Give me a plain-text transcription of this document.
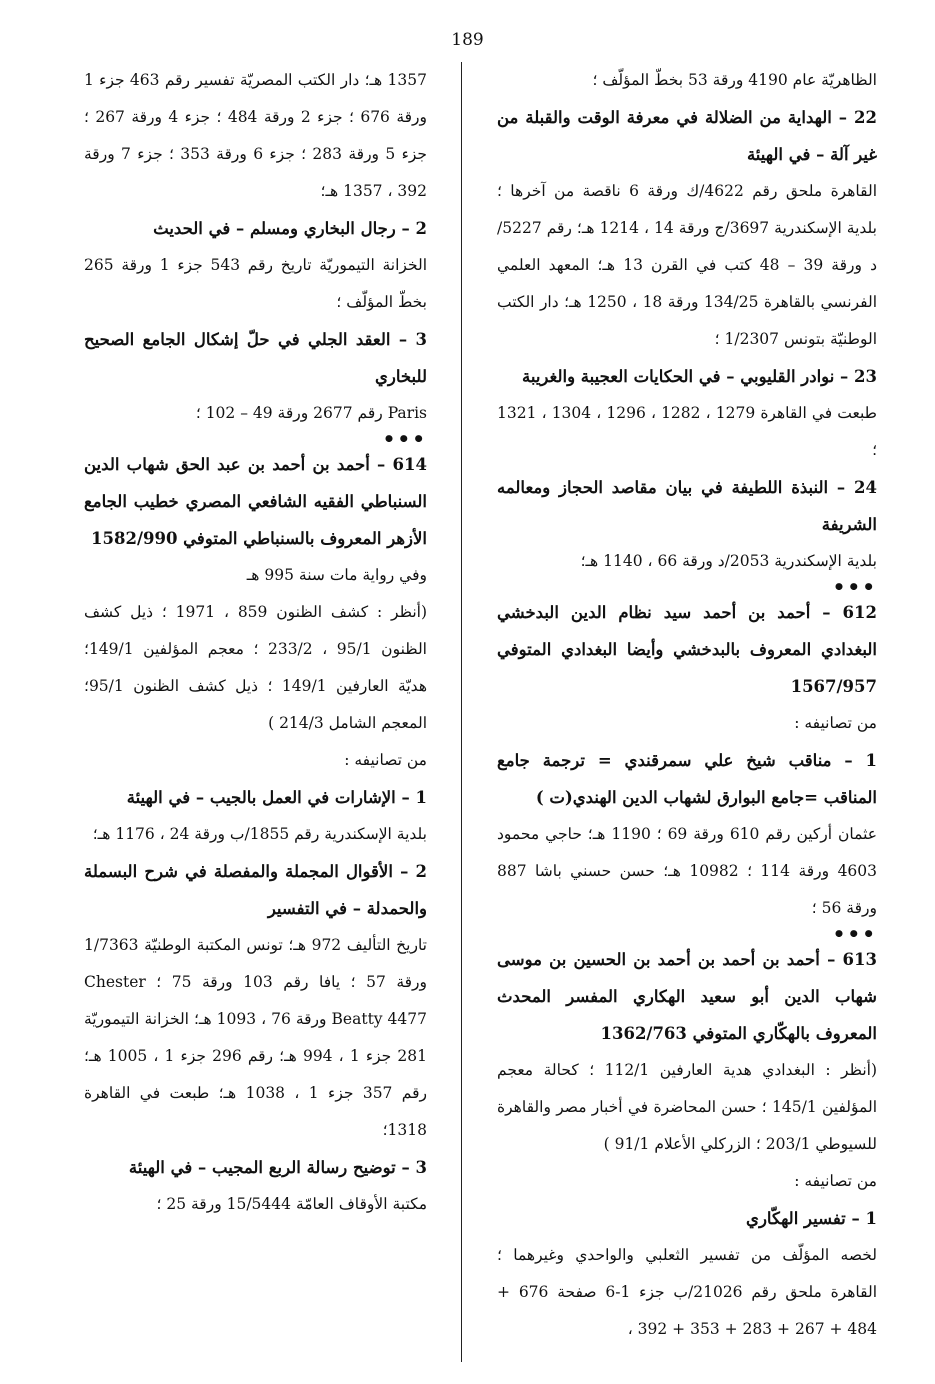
189

الظاهريّة عام 4190 ورقة 53 بخطّ المؤلّف ؛

22 – الهداية من الضلالة في معرفة الوقت والقبلة من غير آلة – في الهيئة

القاهرة ملحق رقم 4622/ك ورقة 6 ناقصة من آخرها ؛ بلدية الإسكندرية 3697/ج ورقة 14 ، 1214 هـ؛ رقم 5227/د ورقة 39 – 48 كتب في القرن 13 هـ؛ المعهد العلمي الفرنسي بالقاهرة 134/25 ورقة 18 ، 1250 هـ؛ دار الكتب الوطنيّة بتونس 1/2307 ؛

23 – نوادر القليوبي – في الحكايات العجيبة والغريبة

طبعت في القاهرة 1279 ، 1282 ، 1296 ، 1304 ، 1321 ؛

24 – النبذة اللطيفة في بيان مقاصد الحجاز ومعالمه الشريفة

بلدية الإسكندرية 2053/د ورقة 66 ، 1140 هـ؛

•••

612 – أحمد بن أحمد سيد نظام الدين البدخشي البغدادي المعروف بالبدخشي وأيضا البغدادي المتوفي 1567/957

من تصانيفه :

1 – مناقب شيخ علي سمرقندي = ترجمة جامع المناقب =جامع البوارق لشهاب الدين الهندي(ت )

عثمان أركين رقم 610 ورقة 69 ؛ 1190 هـ؛ حاجي محمود 4603 ورقة 114 ؛ 10982 هـ؛ حسن حسني باشا 887 ورقة 56 ؛

•••

613 – أحمد بن أحمد بن أحمد بن الحسين بن موسى شهاب الدين أبو سعيد الهكاري المفسر المحدث المعروف بالهكّاري المتوفي 1362/763

(أنظر : البغدادي هدية العارفين 112/1 ؛ كحالة معجم المؤلفين 145/1 ؛ حسن المحاضرة في أخبار مصر والقاهرة للسيوطي 203/1 ؛ الزركلي الأعلام 91/1 )

من تصانيفه :

1 – تفسير الهكّاري

لخصه المؤلّف من تفسير الثعلبي والواحدي وغيرهما ؛ القاهرة ملحق رقم 21026/ب جزء 1-6 صفحة 676 + 484 + 267 + 283 + 353 + 392 ،

1357 هـ؛ دار الكتب المصريّة تفسير رقم 463 جزء 1 ورقة 676 ؛ جزء 2 ورقة 484 ؛ جزء 4 ورقة 267 ؛ جزء 5 ورقة 283 ؛ جزء 6 ورقة 353 ؛ جزء 7 ورقة 392 ، 1357 هـ؛

2 – رجال البخاري ومسلم – في الحديث

الخزانة التيموريّة تاريخ رقم 543 جزء 1 ورقة 265 بخطّ المؤلّف ؛

3 – العقد الجلي في حلّ إشكال الجامع الصحيح للبخاري

Paris رقم 2677 ورقة 49 – 102 ؛

•••

614 – أحمد بن أحمد بن عبد الحق شهاب الدين السنباطي الفقيه الشافعي المصري خطيب الجامع الأزهر المعروف بالسنباطي المتوفي 1582/990

وفي رواية مات سنة 995 هـ

(أنظر : كشف الظنون 859 ، 1971 ؛ ذيل كشف الظنون 95/1 ، 233/2 ؛ معجم المؤلفين 149/1؛ هديّة العارفين 149/1 ؛ ذيل كشف الظنون 95/1؛المعجم الشامل 214/3 )

من تصانيفه :

1 – الإشارات في العمل بالجيب – في الهيئة

بلدية الإسكندرية رقم 1855/ب ورقة 24 ، 1176 هـ؛

2 – الأقوال المجملة والمفصلة في شرح البسملة والحمدلة – في التفسير

تاريخ التأليف 972 هـ؛ تونس المكتبة الوطنيّة 1/7363 ورقة 57 ؛ يافا رقم 103 ورقة 75 ؛ Chester Beatty 4477 ورقة 76 ، 1093 هـ؛ الخزانة التيموريّة 281 جزء 1 ، 994 هـ؛ رقم 296 جزء 1 ، 1005 هـ؛ رقم 357 جزء 1 ، 1038 هـ؛ طبعت في القاهرة 1318؛

3 – توضيح رسالة الربع المجيب – في الهيئة

مكتبة الأوقاف العامّة 15/5444 ورقة 25 ؛
